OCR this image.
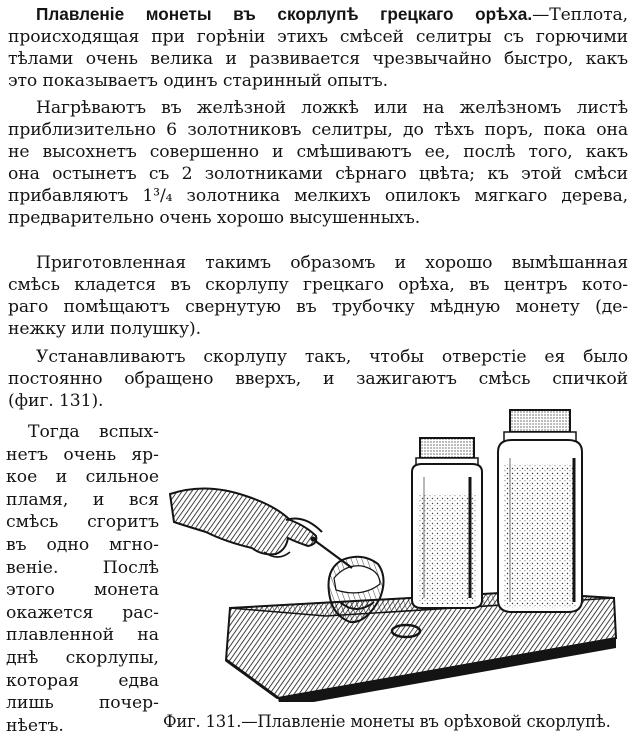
Плавленiе монеты въ скорлупѣ грецкаго орѣха.—Теплота,
происходящая при горѣнiи этихъ смѣсей селитры съ горючими
тѣлами очень велика и развивается чрезвычайно быстро, какъ
это показываетъ одинъ старинный опытъ.
Нагрѣваютъ въ желѣзной ложкѣ или на желѣзномъ листѣ
приблизительно 6 золотниковъ селитры, до тѣхъ поръ, пока она
не высохнетъ совершенно и смѣшиваютъ ее, послѣ того, какъ
она остынетъ съ 2 золотниками сѣрнаго цвѣта; къ этой смѣси
прибавляютъ 1³/₄ золотника мелкихъ опилокъ мягкаго дерева,
предварительно очень хорошо высушенныхъ.
Приготовленная такимъ образомъ и хорошо вымѣшанная
смѣсь кладется въ скорлупу грецкаго орѣха, въ центръ кото-
раго помѣщаютъ свернутую въ трубочку мѣдную монету (де-
нежку или полушку).
Устанавливаютъ скорлупу такъ, чтобы отверстiе ея было
постоянно обращено вверхъ, и зажигаютъ смѣсь спичкой
(фиг. 131).
Тогда вспых-
нетъ очень яр-
кое и сильное
пламя, и вся
смѣсь сгоритъ
въ одно мгно-
венiе. Послѣ
этого монета
окажется рас-
плавленной на
днѣ скорлупы,
которая едва
лишь почер-
нѣетъ.	Фиг. 131.—Плавленiе монеты въ орѣховой скорлупѣ.
